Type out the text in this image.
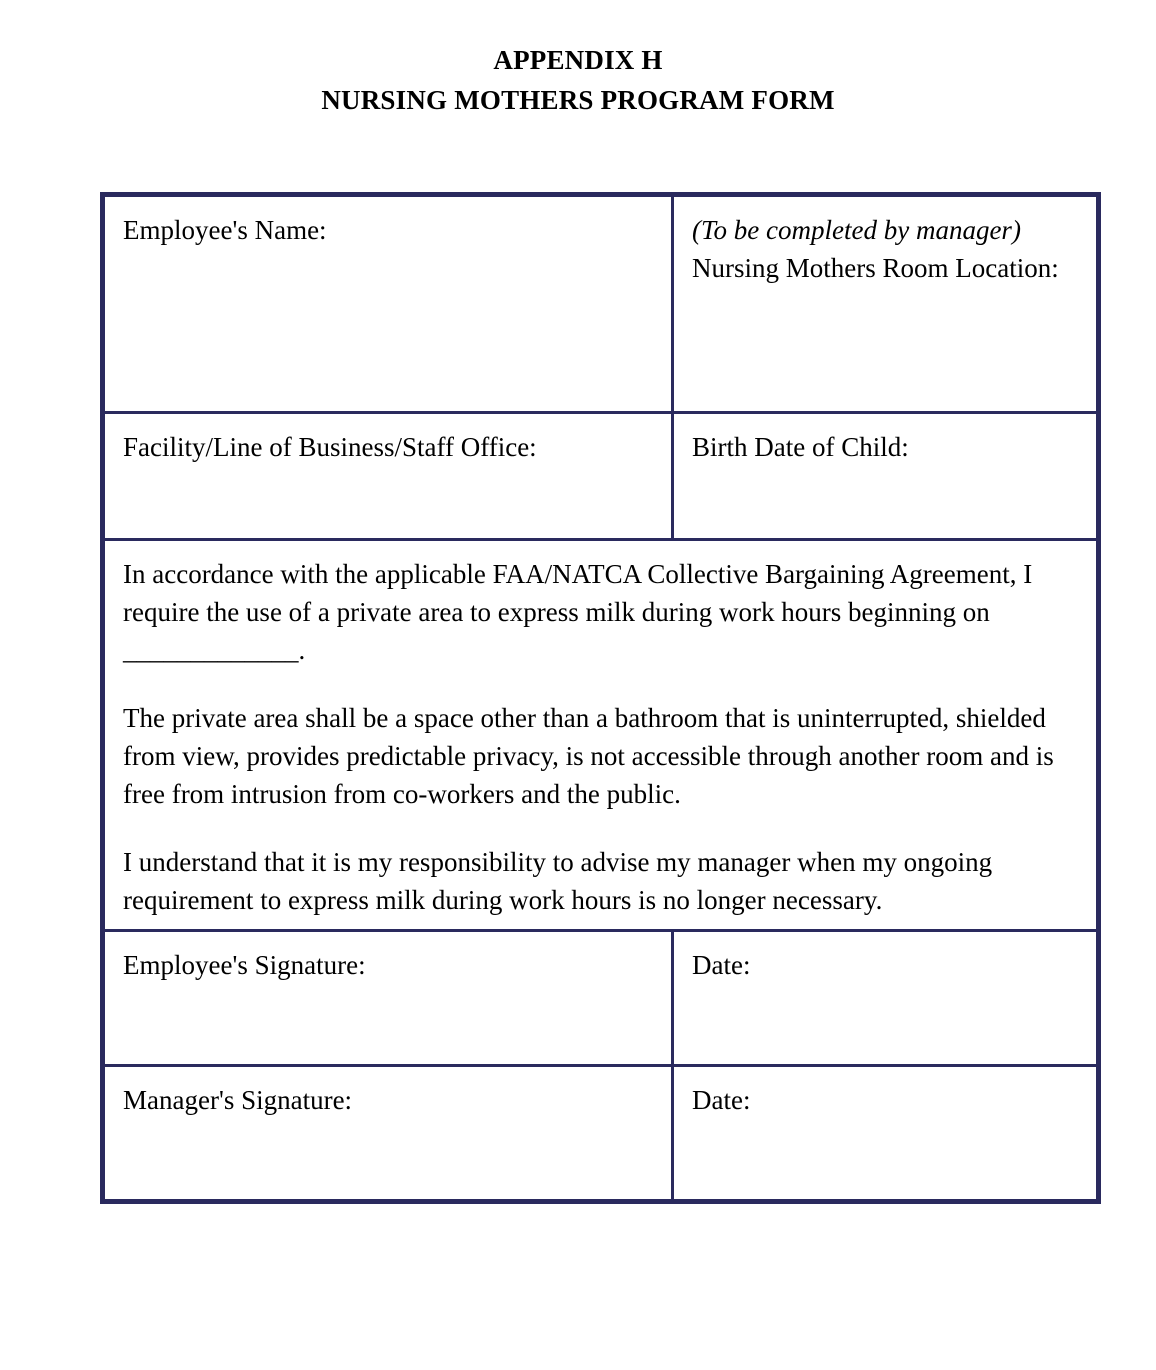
APPENDIX H
NURSING MOTHERS PROGRAM FORM
Employee's Name:	(To be completed by manager)
Nursing Mothers Room Location:

Facility/Line of Business/Staff Office:	Birth Date of Child:

In accordance with the applicable FAA/NATCA Collective Bargaining Agreement, I require the use of a private area to express milk during work hours beginning on _____________.

The private area shall be a space other than a bathroom that is uninterrupted, shielded from view, provides predictable privacy, is not accessible through another room and is free from intrusion from co-workers and the public.

I understand that it is my responsibility to advise my manager when my ongoing requirement to express milk during work hours is no longer necessary.	

Employee's Signature:	Date:

Manager's Signature:	Date:
